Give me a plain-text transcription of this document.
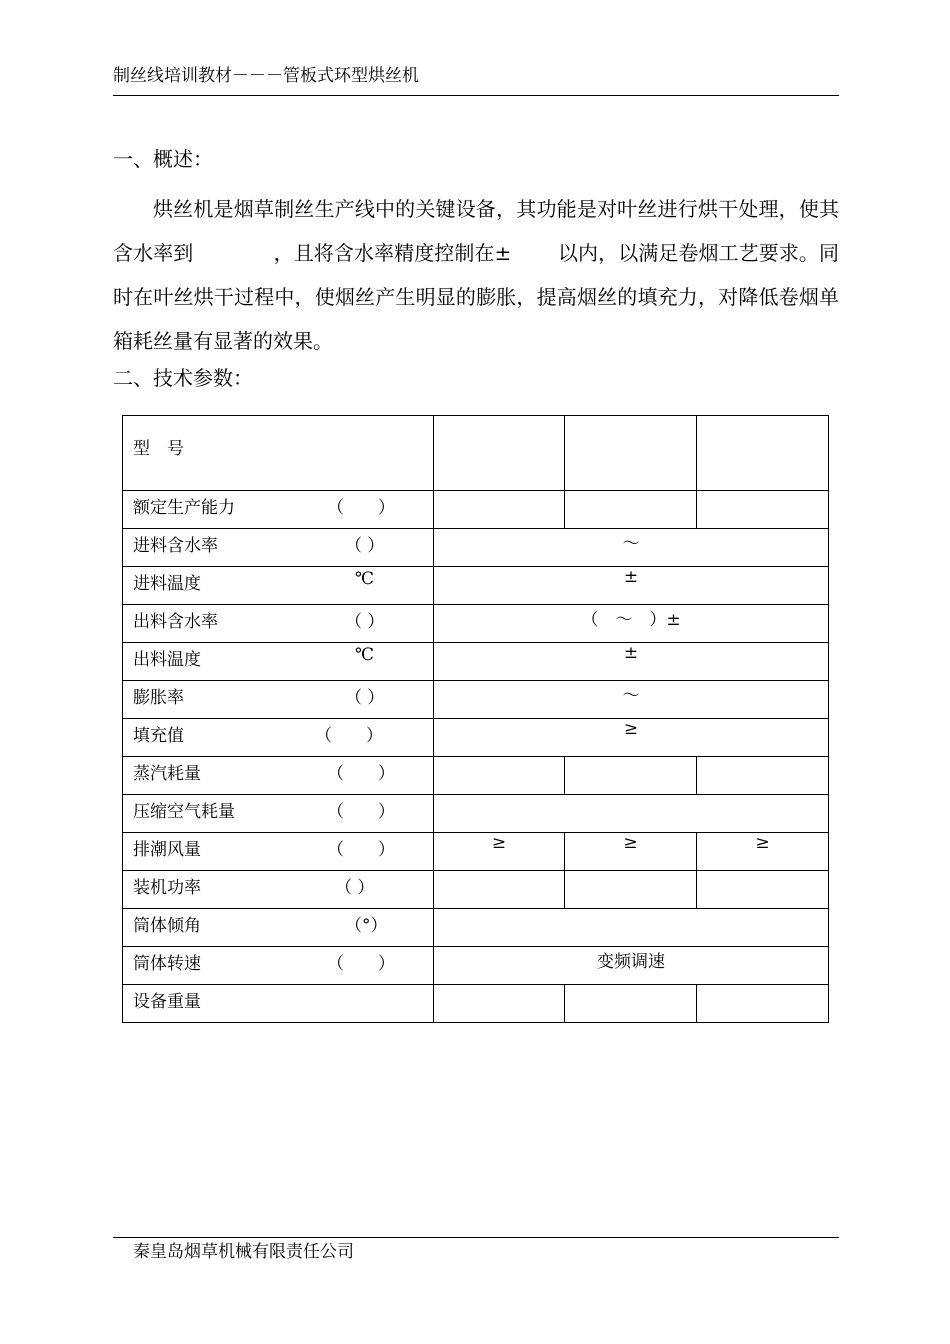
制丝线培训教材－－－管板式环型烘丝机
一、概述：

烘丝机是烟草制丝生产线中的关键设备，其功能是对叶丝进行烘干处理，使其含水率到　　　　，且将含水率精度控制在±　　 以内，以满足卷烟工艺要求。同时在叶丝烘干过程中，使烟丝产生明显的膨胀，提高烟丝的填充力，对降低卷烟单箱耗丝量有显著的效果。

二、技术参数：
型　号			

额定生产能力 （　　）			

进料含水率 （ ）	～		

进料温度 ℃	±		

出料含水率 （ ）	（　～　）±		

出料温度 ℃	±		

膨胀率 （ ）	～		

填充值 （　　）	≥		

蒸汽耗量 （　　）			

压缩空气耗量 （　　）			

排潮风量 （　　）	≥	≥	≥

装机功率 （ ）			

筒体倾角 （°）			

筒体转速 （　　）	变频调速		

设备重量			

秦皇岛烟草机械有限责任公司
